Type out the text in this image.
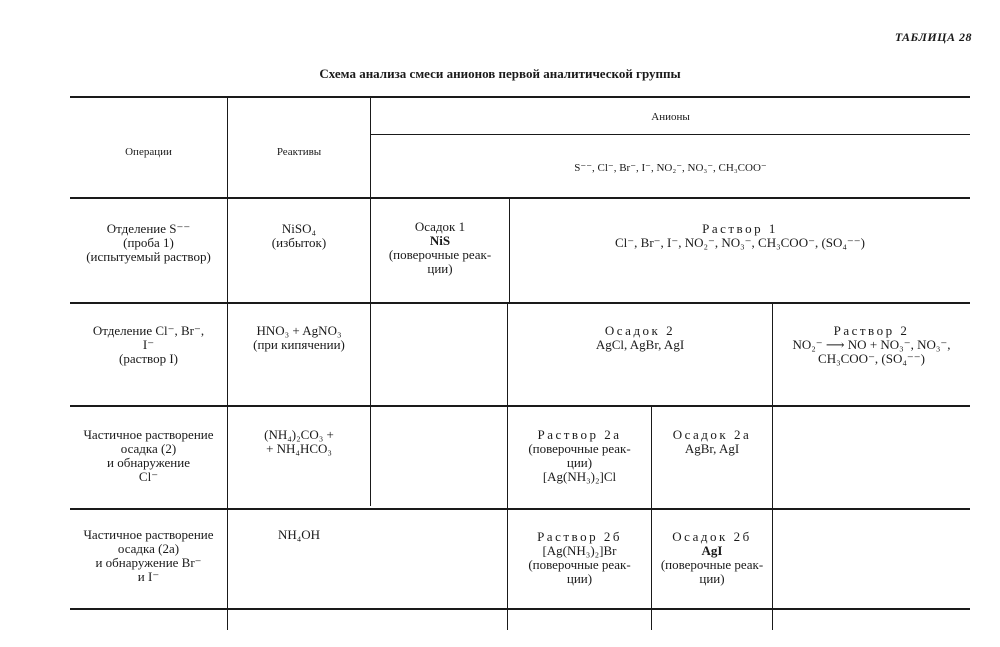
ТАБЛИЦА 28
Схема анализа смеси анионов первой аналитической группы
Операции	Реактивы
Анионы
S⁻⁻, Cl⁻, Br⁻, I⁻, NO₂⁻, NO₃⁻, CH₃COO⁻
Отделение S⁻⁻
(проба 1)
(испытуемый раствор)
NiSO₄
(избыток)
Осадок 1
NiS
(поверочные реак-
ции)
Раствор 1
Cl⁻, Br⁻, I⁻, NO₂⁻, NO₃⁻, CH₃COO⁻, (SO₄⁻⁻)
Отделение Cl⁻, Br⁻,
I⁻
(раствор I)
HNO₃ + AgNO₃
(при кипячении)
Осадок 2
AgCl, AgBr, AgI
Раствор 2
NO₂⁻ ⟶ NO + NO₃⁻, NO₃⁻,
CH₃COO⁻, (SO₄⁻⁻)
Частичное растворение
осадка (2)
и обнаружение
Cl⁻
(NH₄)₂CO₃ +
+ NH₄HCO₃
Раствор 2а
(поверочные реак-
ции)
[Ag(NH₃)₂]Cl
Осадок 2а
AgBr, AgI
Частичное растворение
осадка (2а)
и обнаружение Br⁻
и I⁻
NH₄OH	Раствор 2б
[Ag(NH₃)₂]Br
(поверочные реак-
ции)
Осадок 2б
AgI
(поверочные реак-
ции)
